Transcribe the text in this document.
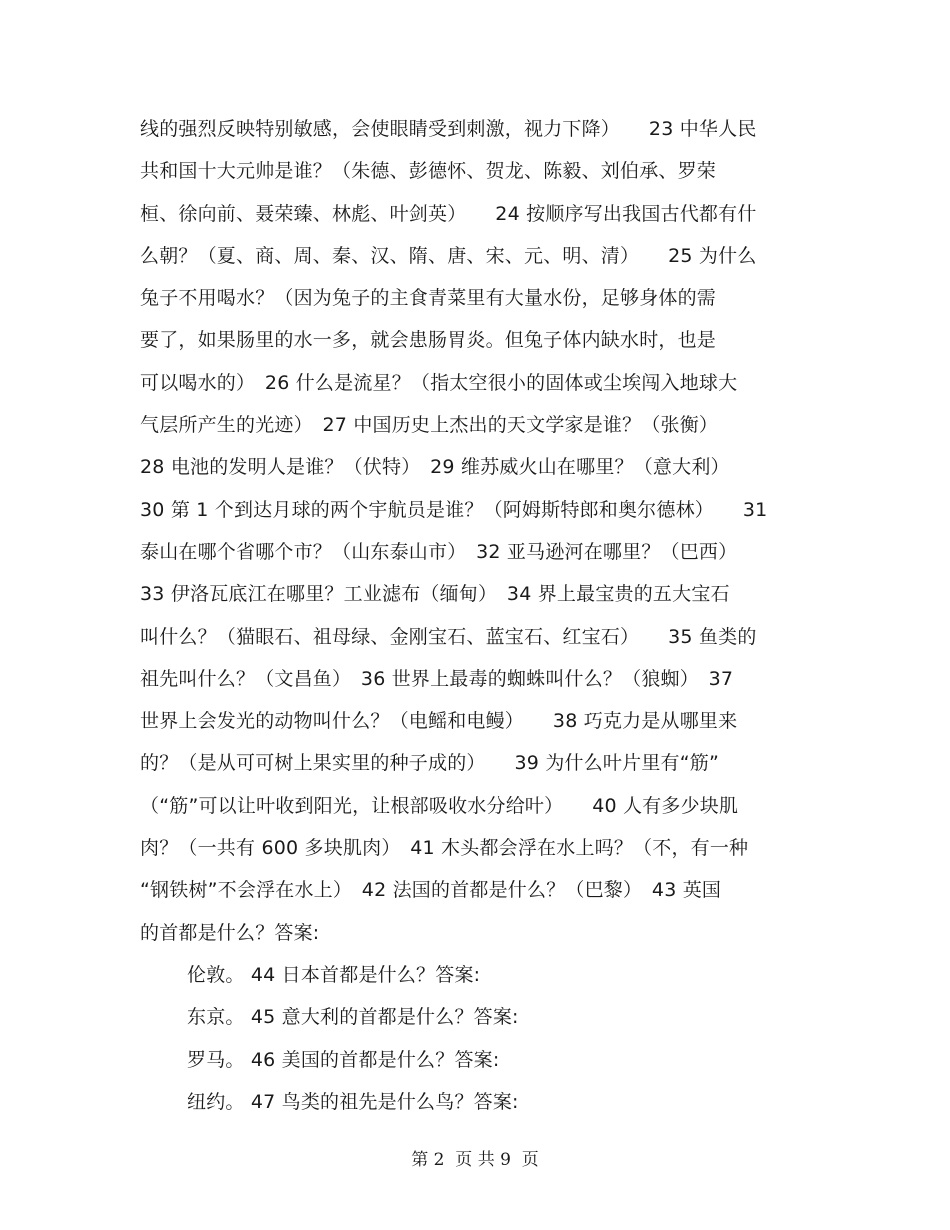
线的强烈反映特别敏感，会使眼睛受到刺激，视力下降）　　23 中华人民
共和国十大元帅是谁？（朱德、彭德怀、贺龙、陈毅、刘伯承、罗荣
桓、徐向前、聂荣臻、林彪、叶剑英）　　24 按顺序写出我国古代都有什
么朝？（夏、商、周、秦、汉、隋、唐、宋、元、明、清）　　25 为什么
兔子不用喝水？（因为兔子的主食青菜里有大量水份，足够身体的需
要了，如果肠里的水一多，就会患肠胃炎。但兔子体内缺水时，也是
可以喝水的）　26 什么是流星？（指太空很小的固体或尘埃闯入地球大
气层所产生的光迹）　27 中国历史上杰出的天文学家是谁？（张衡）
28 电池的发明人是谁？（伏特）　29 维苏威火山在哪里？（意大利）
30 第 1 个到达月球的两个宇航员是谁？（阿姆斯特郎和奥尔德林）　　31
泰山在哪个省哪个市？（山东泰山市）　32 亚马逊河在哪里？（巴西）
33 伊洛瓦底江在哪里？工业滤布（缅甸）　34 界上最宝贵的五大宝石
叫什么？（猫眼石、祖母绿、金刚宝石、蓝宝石、红宝石）　　35 鱼类的
祖先叫什么？（文昌鱼）　36 世界上最毒的蜘蛛叫什么？（狼蜘）　37
世界上会发光的动物叫什么？（电鳐和电鳗）　　38 巧克力是从哪里来
的？（是从可可树上果实里的种子成的）　　39 为什么叶片里有“筋”
（“筋”可以让叶收到阳光，让根部吸收水分给叶）　　40 人有多少块肌
肉？（一共有 600 多块肌肉）　41 木头都会浮在水上吗？（不，有一种
“钢铁树”不会浮在水上）　42 法国的首都是什么？（巴黎）　43 英国
的首都是什么？答案:
伦敦。 44 日本首都是什么？答案:
东京。 45 意大利的首都是什么？答案:
罗马。 46 美国的首都是什么？答案:
纽约。 47 鸟类的祖先是什么鸟？答案:
第 2  页 共 9  页
